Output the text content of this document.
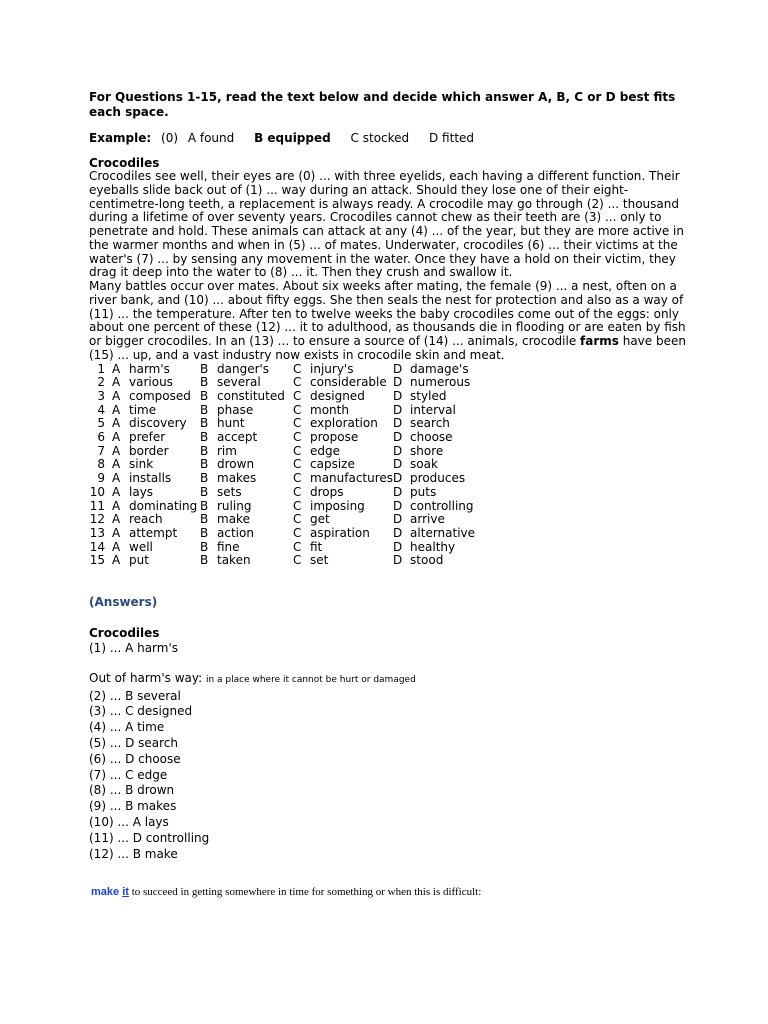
For Questions 1-15, read the text below and decide which answer A, B, C or D best fits each space.

Example: (0) A found B equipped C stocked D fitted
Crocodiles

Crocodiles see well, their eyes are (0) ... with three eyelids, each having a different function. Their eyeballs slide back out of (1) ... way during an attack. Should they lose one of their eight-centimetre-long teeth, a replacement is always ready. A crocodile may go through (2) ... thousand during a lifetime of over seventy years. Crocodiles cannot chew as their teeth are (3) ... only to penetrate and hold. These animals can attack at any (4) ... of the year, but they are more active in the warmer months and when in (5) ... of mates. Underwater, crocodiles (6) ... their victims at the water's (7) ... by sensing any movement in the water. Once they have a hold on their victim, they drag it deep into the water to (8) ... it. Then they crush and swallow it.

Many battles occur over mates. About six weeks after mating, the female (9) ... a nest, often on a river bank, and (10) ... about fifty eggs. She then seals the nest for protection and also as a way of (11) ... the temperature. After ten to twelve weeks the baby crocodiles come out of the eggs: only about one percent of these (12) ... it to adulthood, as thousands die in flooding or are eaten by fish or bigger crocodiles. In an (13) ... to ensure a source of (14) ... animals, crocodile farms have been (15) ... up, and a vast industry now exists in crocodile skin and meat.

1	A	harm's	B	danger's	C	injury's	D	damage's
2	A	various	B	several	C	considerable	D	numerous
3	A	composed	B	constituted	C	designed	D	styled
4	A	time	B	phase	C	month	D	interval
5	A	discovery	B	hunt	C	exploration	D	search
6	A	prefer	B	accept	C	propose	D	choose
7	A	border	B	rim	C	edge	D	shore
8	A	sink	B	drown	C	capsize	D	soak
9	A	installs	B	makes	C	manufactures	D	produces
10	A	lays	B	sets	C	drops	D	puts
11	A	dominating	B	ruling	C	imposing	D	controlling
12	A	reach	B	make	C	get	D	arrive
13	A	attempt	B	action	C	aspiration	D	alternative
14	A	well	B	fine	C	fit	D	healthy
15	A	put	B	taken	C	set	D	stood
(Answers)
Crocodiles
(1) ... A harm's
Out of harm's way: in a place where it cannot be hurt or damaged
(2) ... B several
(3) ... C designed
(4) ... A time
(5) ... D search
(6) ... D choose
(7) ... C edge
(8) ... B drown
(9) ... B makes
(10) ... A lays
(11) ... D controlling
(12) ... B make
make it to succeed in getting somewhere in time for something or when this is difficult:
